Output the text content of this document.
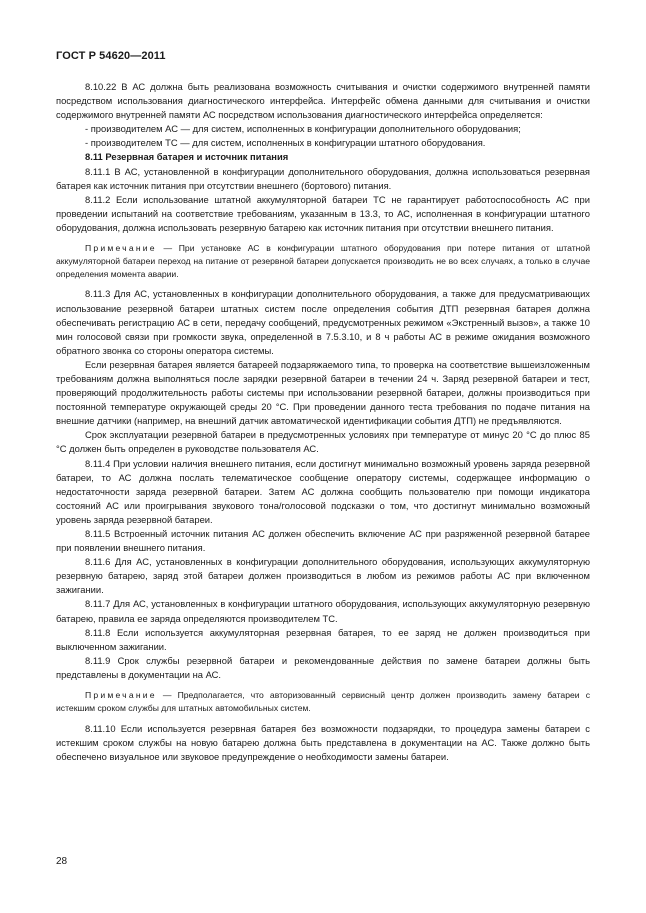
ГОСТ Р 54620—2011

8.10.22 В АС должна быть реализована возможность считывания и очистки содержимого внутренней памяти посредством использования диагностического интерфейса. Интерфейс обмена данными для считывания и очистки содержимого внутренней памяти АС посредством использования диагностического интерфейса определяется:

- производителем АС — для систем, исполненных в конфигурации дополнительного оборудования;

- производителем ТС — для систем, исполненных в конфигурации штатного оборудования.

8.11 Резервная батарея и источник питания

8.11.1 В АС, установленной в конфигурации дополнительного оборудования, должна использоваться резервная батарея как источник питания при отсутствии внешнего (бортового) питания.

8.11.2 Если использование штатной аккумуляторной батареи ТС не гарантирует работоспособность АС при проведении испытаний на соответствие требованиям, указанным в 13.3, то АС, исполненная в конфигурации штатного оборудования, должна использовать резервную батарею как источник питания при отсутствии внешнего питания.

Примечание — При установке АС в конфигурации штатного оборудования при потере питания от штатной аккумуляторной батареи переход на питание от резервной батареи допускается производить не во всех случаях, а только в случае определения момента аварии.

8.11.3 Для АС, установленных в конфигурации дополнительного оборудования, а также для предусматривающих использование резервной батареи штатных систем после определения события ДТП резервная батарея должна обеспечивать регистрацию АС в сети, передачу сообщений, предусмотренных режимом «Экстренный вызов», а также 10 мин голосовой связи при громкости звука, определенной в 7.5.3.10, и 8 ч работы АС в режиме ожидания возможного обратного звонка со стороны оператора системы.

Если резервная батарея является батареей подзаряжаемого типа, то проверка на соответствие вышеизложенным требованиям должна выполняться после зарядки резервной батареи в течении 24 ч. Заряд резервной батареи и тест, проверяющий продолжительность работы системы при использовании резервной батареи, должны производиться при постоянной температуре окружающей среды 20 °С. При проведении данного теста требования по подаче питания на внешние датчики (например, на внешний датчик автоматической идентификации события ДТП) не предъявляются.

Срок эксплуатации резервной батареи в предусмотренных условиях при температуре от минус 20 °С до плюс 85 °С должен быть определен в руководстве пользователя АС.

8.11.4 При условии наличия внешнего питания, если достигнут минимально возможный уровень заряда резервной батареи, то АС должна послать телематическое сообщение оператору системы, содержащее информацию о недостаточности заряда резервной батареи. Затем АС должна сообщить пользователю при помощи индикатора состояний АС или проигрывания звукового тона/голосовой подсказки о том, что достигнут минимально возможный уровень заряда резервной батареи.

8.11.5 Встроенный источник питания АС должен обеспечить включение АС при разряженной резервной батарее при появлении внешнего питания.

8.11.6 Для АС, установленных в конфигурации дополнительного оборудования, использующих аккумуляторную резервную батарею, заряд этой батареи должен производиться в любом из режимов работы АС при включенном зажигании.

8.11.7 Для АС, установленных в конфигурации штатного оборудования, использующих аккумуляторную резервную батарею, правила ее заряда определяются производителем ТС.

8.11.8 Если используется аккумуляторная резервная батарея, то ее заряд не должен производиться при выключенном зажигании.

8.11.9 Срок службы резервной батареи и рекомендованные действия по замене батареи должны быть представлены в документации на АС.

Примечание — Предполагается, что авторизованный сервисный центр должен производить замену батареи с истекшим сроком службы для штатных автомобильных систем.

8.11.10 Если используется резервная батарея без возможности подзарядки, то процедура замены батареи с истекшим сроком службы на новую батарею должна быть представлена в документации на АС. Также должно быть обеспечено визуальное или звуковое предупреждение о необходимости замены батареи.

28
